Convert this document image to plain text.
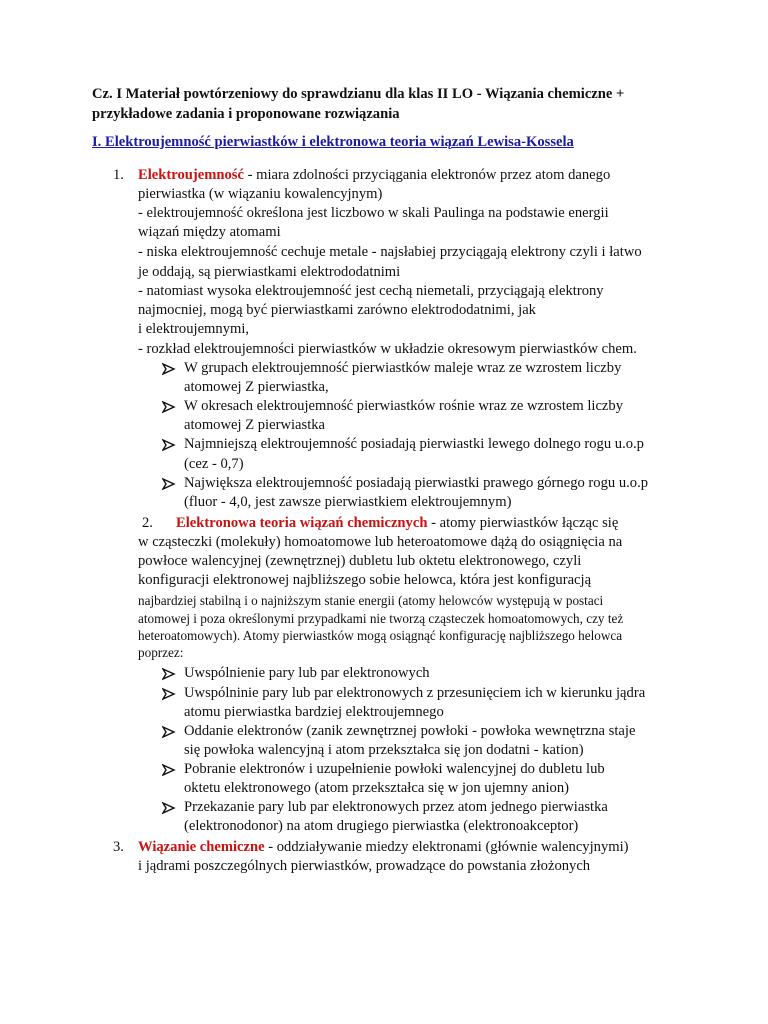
Cz. I Materiał powtórzeniowy do sprawdzianu dla klas II LO - Wiązania chemiczne +
przykładowe zadania i proponowane rozwiązania
I. Elektroujemność pierwiastków i elektronowa teoria wiązań Lewisa-Kossela
1. Elektroujemność - miara zdolności przyciągania elektronów przez atom danego
pierwiastka (w wiązaniu kowalencyjnym)
- elektroujemność określona jest liczbowo w skali Paulinga na podstawie energii
wiązań między atomami
- niska elektroujemność cechuje metale - najsłabiej przyciągają elektrony czyli i łatwo
je oddają, są pierwiastkami elektrododatnimi
- natomiast wysoka elektroujemność jest cechą niemetali, przyciągają elektrony
najmocniej, mogą być pierwiastkami zarówno elektrododatnimi, jak
i elektroujemnymi,
- rozkład elektroujemności pierwiastków w układzie okresowym pierwiastków chem.
W grupach elektroujemność pierwiastków maleje wraz ze wzrostem liczby
atomowej Z pierwiastka,
W okresach elektroujemność pierwiastków rośnie wraz ze wzrostem liczby
atomowej Z pierwiastka
Najmniejszą elektroujemność posiadają pierwiastki lewego dolnego rogu u.o.p
(cez - 0,7)
Największa elektroujemność posiadają pierwiastki prawego górnego rogu u.o.p
(fluor - 4,0, jest zawsze pierwiastkiem elektroujemnym)
2. Elektronowa teoria wiązań chemicznych - atomy pierwiastków łącząc się
w cząsteczki (molekuły) homoatomowe lub heteroatomowe dążą do osiągnięcia na
powłoce walencyjnej (zewnętrznej) dubletu lub oktetu elektronowego, czyli
konfiguracji elektronowej najbliższego sobie helowca, która jest konfiguracją
najbardziej stabilną i o najniższym stanie energii (atomy helowców występują w postaci
atomowej i poza określonymi przypadkami nie tworzą cząsteczek homoatomowych, czy też
heteroatomowych). Atomy pierwiastków mogą osiągnąć konfigurację najbliższego helowca
poprzez:
Uwspólnienie pary lub par elektronowych
Uwspólninie pary lub par elektronowych z przesunięciem ich w kierunku jądra
atomu pierwiastka bardziej elektroujemnego
Oddanie elektronów (zanik zewnętrznej powłoki - powłoka wewnętrzna staje
się powłoka walencyjną i atom przekształca się jon dodatni - kation)
Pobranie elektronów i uzupełnienie powłoki walencyjnej do dubletu lub
oktetu elektronowego (atom przekształca się w jon ujemny anion)
Przekazanie pary lub par elektronowych przez atom jednego pierwiastka
(elektronodonor) na atom drugiego pierwiastka (elektronoakceptor)
3. Wiązanie chemiczne - oddziaływanie miedzy elektronami (głównie walencyjnymi)
i jądrami poszczególnych pierwiastków, prowadzące do powstania złożonych
